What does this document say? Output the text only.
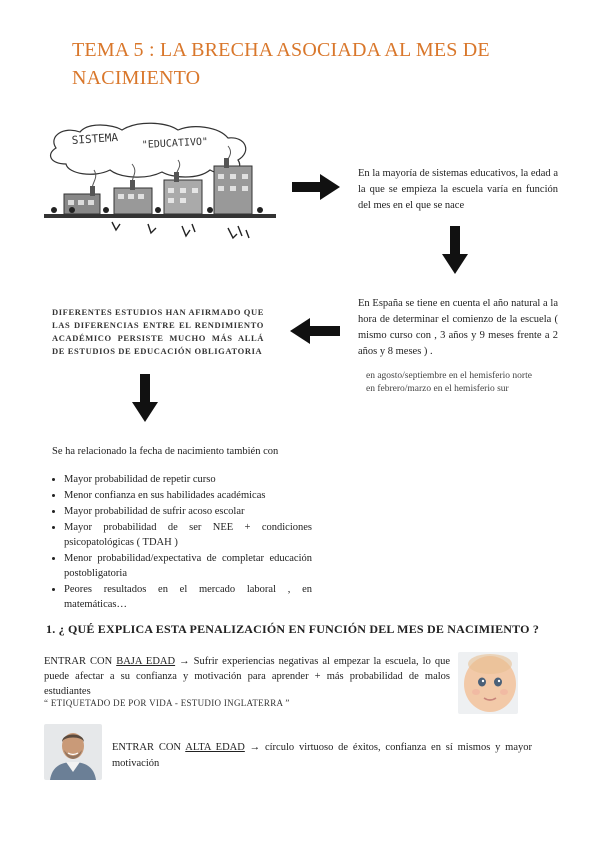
TEMA 5 : LA BRECHA ASOCIADA AL MES DE NACIMIENTO
SISTEMA "EDUCATIVO"
En la mayoría de sistemas educativos, la edad a la que se empieza la escuela varía en función del mes en el que se nace
En España se tiene en cuenta el año natural a la hora de determinar el comienzo de la escuela ( mismo curso con , 3 años y 9 meses frente a 2 años y 8 meses ) .
en agosto/septiembre en el hemisferio norte
en febrero/marzo en el hemisferio sur
DIFERENTES ESTUDIOS HAN AFIRMADO QUE LAS DIFERENCIAS ENTRE EL RENDIMIENTO ACADÉMICO PERSISTE MUCHO MÁS ALLÁ DE ESTUDIOS DE EDUCACIÓN OBLIGATORIA
Se ha relacionado la fecha de nacimiento también con
• Mayor probabilidad de repetir curso
• Menor confianza en sus habilidades académicas
• Mayor probabilidad de sufrir acoso escolar
• Mayor probabilidad de ser NEE + condiciones psicopatológicas ( TDAH )
• Menor probabilidad/expectativa de completar educación postobligatoria
• Peores resultados en el mercado laboral , en matemáticas…
1. ¿ QUÉ EXPLICA ESTA PENALIZACIÓN EN FUNCIÓN DEL MES DE NACIMIENTO ?
ENTRAR CON BAJA EDAD → Sufrir experiencias negativas al empezar la escuela, lo que puede afectar a su confianza y motivación para aprender + más probabilidad de malos estudiantes
“ ETIQUETADO DE POR VIDA - ESTUDIO INGLATERRA ”
ENTRAR CON ALTA EDAD → círculo virtuoso de éxitos, confianza en sí mismos y mayor motivación
